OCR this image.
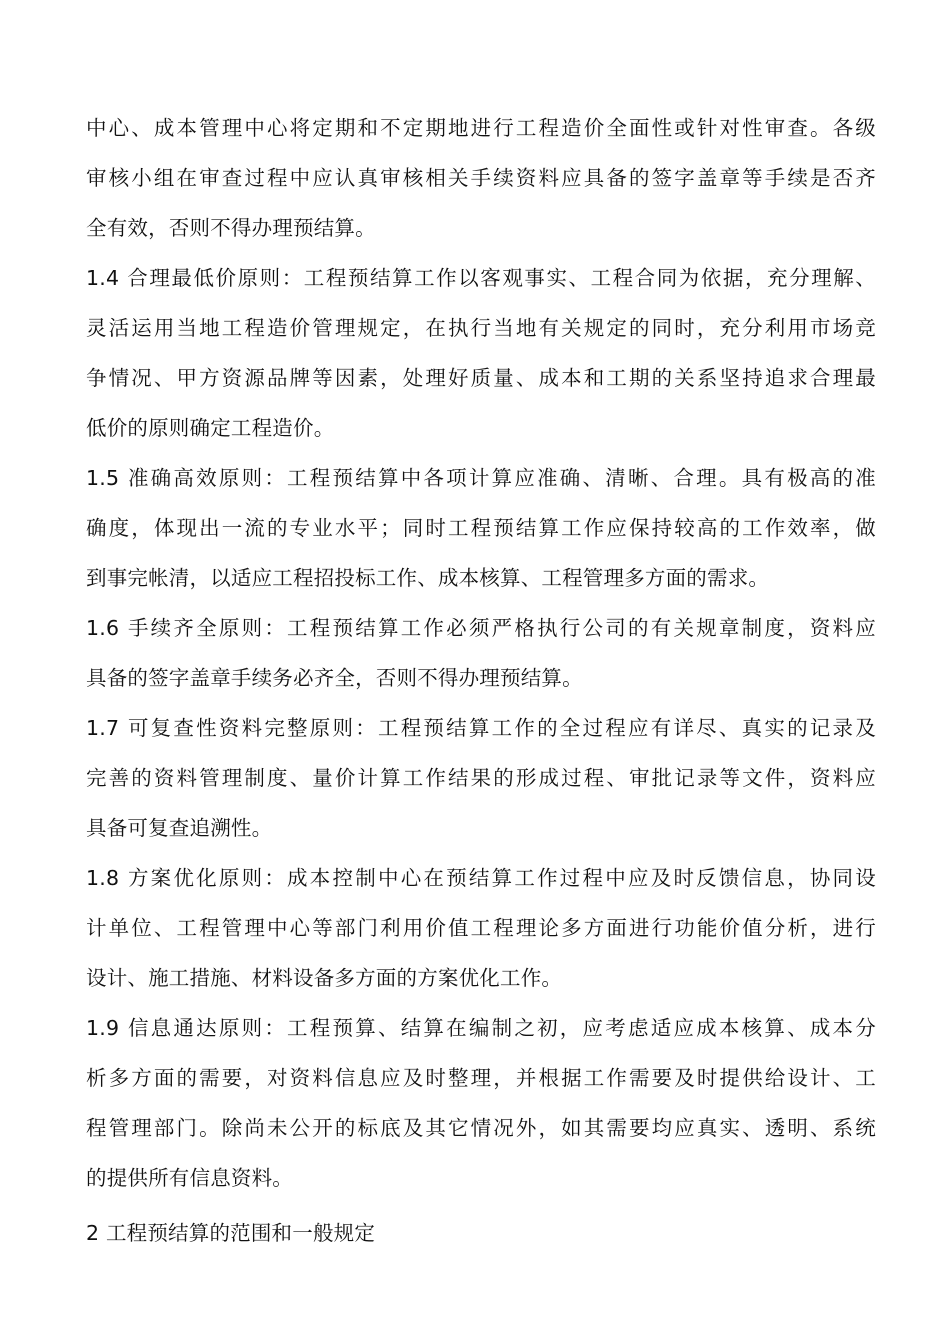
中心、成本管理中心将定期和不定期地进行工程造价全面性或针对性审查。各级
审核小组在审查过程中应认真审核相关手续资料应具备的签字盖章等手续是否齐
全有效，否则不得办理预结算。
1.4 合理最低价原则：工程预结算工作以客观事实、工程合同为依据，充分理解、
灵活运用当地工程造价管理规定，在执行当地有关规定的同时，充分利用市场竞
争情况、甲方资源品牌等因素，处理好质量、成本和工期的关系坚持追求合理最
低价的原则确定工程造价。
1.5 准确高效原则：工程预结算中各项计算应准确、清晰、合理。具有极高的准
确度，体现出一流的专业水平；同时工程预结算工作应保持较高的工作效率，做
到事完帐清，以适应工程招投标工作、成本核算、工程管理多方面的需求。
1.6 手续齐全原则：工程预结算工作必须严格执行公司的有关规章制度，资料应
具备的签字盖章手续务必齐全，否则不得办理预结算。
1.7 可复查性资料完整原则：工程预结算工作的全过程应有详尽、真实的记录及
完善的资料管理制度、量价计算工作结果的形成过程、审批记录等文件，资料应
具备可复查追溯性。
1.8 方案优化原则：成本控制中心在预结算工作过程中应及时反馈信息，协同设
计单位、工程管理中心等部门利用价值工程理论多方面进行功能价值分析，进行
设计、施工措施、材料设备多方面的方案优化工作。
1.9 信息通达原则：工程预算、结算在编制之初，应考虑适应成本核算、成本分
析多方面的需要，对资料信息应及时整理，并根据工作需要及时提供给设计、工
程管理部门。除尚未公开的标底及其它情况外，如其需要均应真实、透明、系统
的提供所有信息资料。
2 工程预结算的范围和一般规定
